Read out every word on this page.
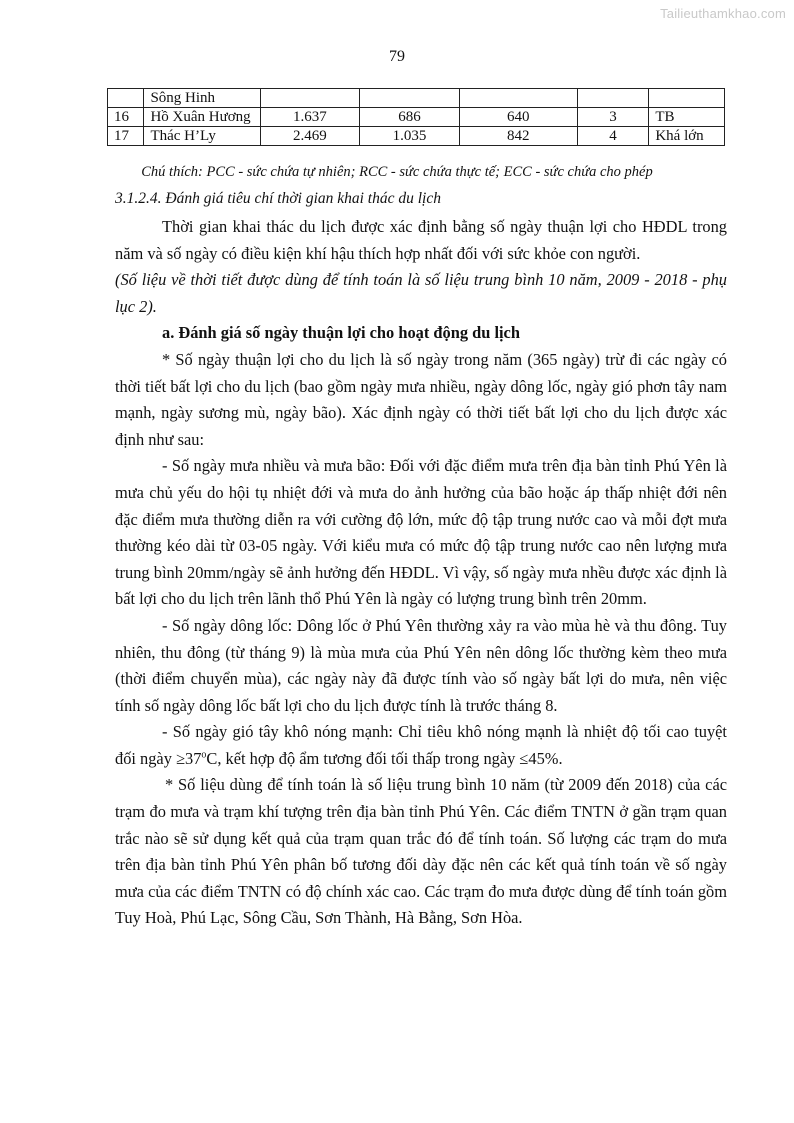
Tailieuthamkhao.com
79
	Sông Hinh					
16	Hồ Xuân Hương	1.637	686	640	3	TB
17	Thác H’Ly	2.469	1.035	842	4	Khá lớn
Chú thích: PCC - sức chứa tự nhiên; RCC - sức chứa thực tế; ECC - sức chứa cho phép
3.1.2.4. Đánh giá tiêu chí thời gian khai thác du lịch

Thời gian khai thác du lịch được xác định bằng số ngày thuận lợi cho HĐDL trong năm và số ngày có điều kiện khí hậu thích hợp nhất đối với sức khỏe con người.

(Số liệu về thời tiết được dùng để tính toán là số liệu trung bình 10 năm, 2009 - 2018 - phụ lục 2).

a. Đánh giá số ngày thuận lợi cho hoạt động du lịch

* Số ngày thuận lợi cho du lịch là số ngày trong năm (365 ngày) trừ đi các ngày có thời tiết bất lợi cho du lịch (bao gồm ngày mưa nhiều, ngày dông lốc, ngày gió phơn tây nam mạnh, ngày sương mù, ngày bão). Xác định ngày có thời tiết bất lợi cho du lịch được xác định như sau:

- Số ngày mưa nhiều và mưa bão: Đối với đặc điểm mưa trên địa bàn tỉnh Phú Yên là mưa chủ yếu do hội tụ nhiệt đới và mưa do ảnh hưởng của bão hoặc áp thấp nhiệt đới nên đặc điểm mưa thường diễn ra với cường độ lớn, mức độ tập trung nước cao và mỗi đợt mưa thường kéo dài từ 03-05 ngày. Với kiểu mưa có mức độ tập trung nước cao nên lượng mưa trung bình 20mm/ngày sẽ ảnh hưởng đến HĐDL. Vì vậy, số ngày mưa nhều được xác định là bất lợi cho du lịch trên lãnh thổ Phú Yên là ngày có lượng trung bình trên 20mm.

- Số ngày dông lốc: Dông lốc ở Phú Yên thường xảy ra vào mùa hè và thu đông. Tuy nhiên, thu đông (từ tháng 9) là mùa mưa của Phú Yên nên dông lốc thường kèm theo mưa (thời điểm chuyển mùa), các ngày này đã được tính vào số ngày bất lợi do mưa, nên việc tính số ngày dông lốc bất lợi cho du lịch được tính là trước tháng 8.

- Số ngày gió tây khô nóng mạnh: Chỉ tiêu khô nóng mạnh là nhiệt độ tối cao tuyệt đối ngày $\ge 37^oC$, kết hợp độ ẩm tương đối tối thấp trong ngày ≤45%.

* Số liệu dùng để tính toán là số liệu trung bình 10 năm (từ 2009 đến 2018) của các trạm đo mưa và trạm khí tượng trên địa bàn tỉnh Phú Yên. Các điểm TNTN ở gần trạm quan trắc nào sẽ sử dụng kết quả của trạm quan trắc đó để tính toán. Số lượng các trạm do mưa trên địa bàn tỉnh Phú Yên phân bố tương đối dày đặc nên các kết quả tính toán về số ngày mưa của các điểm TNTN có độ chính xác cao. Các trạm đo mưa được dùng để tính toán gồm Tuy Hoà, Phú Lạc, Sông Cầu, Sơn Thành, Hà Bằng, Sơn Hòa.
